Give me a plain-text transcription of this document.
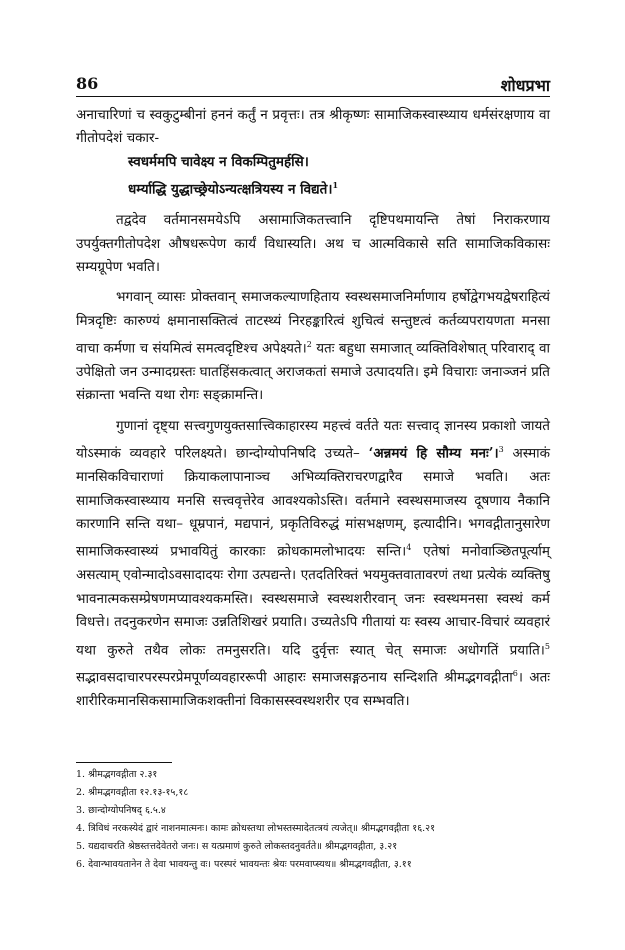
86	शोधप्रभा

अनाचारिणां च स्वकुटुम्बीनां हननं कर्तुं न प्रवृत्तः। तत्र श्रीकृष्णः सामाजिकस्वास्थ्याय धर्मसंरक्षणाय वा गीतोपदेशं चकार-

स्वधर्ममपि चावेक्ष्य न विकम्पितुमर्हसि।

धर्म्याद्धि युद्धाच्छ्रेयोऽन्यत्क्षत्रियस्य न विद्यते।$^1$

तद्वदेव वर्तमानसमयेऽपि असामाजिकतत्त्वानि दृष्टिपथमायन्ति तेषां निराकरणाय उपर्युक्तगीतोपदेश औषधरूपेण कार्यं विधास्यति। अथ च आत्मविकासे सति सामाजिकविकासः सम्यग्रूपेण भवति।

भगवान् व्यासः प्रोक्तवान् समाजकल्याणहिताय स्वस्थसमाजनिर्माणाय हर्षोद्वेगभयद्वेषराहित्यं मित्रदृष्टिः कारुण्यं क्षमानासक्तित्वं ताटस्थ्यं निरहङ्कारित्वं शुचित्वं सन्तुष्टत्वं कर्तव्यपरायणता मनसा वाचा कर्मणा च संयमित्वं समत्वदृष्टिश्च अपेक्ष्यते।$^2$ यतः बहुधा समाजात् व्यक्तिविशेषात् परिवाराद् वा उपेक्षितो जन उन्मादग्रस्तः घातहिंसकत्वात् अराजकतां समाजे उत्पादयति। इमे विचाराः जनाञ्जनं प्रति संक्रान्ता भवन्ति यथा रोगः सङ्क्रामन्ति।

गुणानां दृष्ट्या सत्त्वगुणयुक्तसात्त्विकाहारस्य महत्त्वं वर्तते यतः सत्त्वाद् ज्ञानस्य प्रकाशो जायते योऽस्माकं व्यवहारे परिलक्ष्यते। छान्दोग्योपनिषदि उच्यते– ‘अन्नमयं हि सौम्य मनः’।$^3$ अस्माकं मानसिकविचाराणां क्रियाकलापानाञ्च अभिव्यक्तिराचरणद्वारैव समाजे भवति। अतः सामाजिकस्वास्थ्याय मनसि सत्त्ववृत्तेरेव आवश्यकोऽस्ति। वर्तमाने स्वस्थसमाजस्य दूषणाय नैकानि कारणानि सन्ति यथा– धूम्रपानं, मद्यपानं, प्रकृतिविरुद्धं मांसभक्षणम्, इत्यादीनि। भगवद्गीतानुसारेण सामाजिकस्वास्थ्यं प्रभावयितुं कारकाः क्रोधकामलोभादयः सन्ति।$^4$ एतेषां मनोवाञ्छितपूर्त्याम् असत्याम् एवोन्मादोऽवसादादयः रोगा उत्पद्यन्ते। एतदतिरिक्तं भयमुक्तवातावरणं तथा प्रत्येकं व्यक्तिषु भावनात्मकसम्प्रेषणमप्यावश्यकमस्ति। स्वस्थसमाजे स्वस्थशरीरवान् जनः स्वस्थमनसा स्वस्थं कर्म विधत्ते। तदनुकरणेन समाजः उन्नतिशिखरं प्रयाति। उच्यतेऽपि गीतायां यः स्वस्य आचार-विचारं व्यवहारं यथा कुरुते तथैव लोकः तमनुसरति। यदि दुर्वृत्तः स्यात् चेत् समाजः अधोगतिं प्रयाति।$^5$ सद्भावसदाचारपरस्परप्रेमपूर्णव्यवहाररूपी आहारः समाजसङ्गठनाय सन्दिशति श्रीमद्भगवद्गीता$^6$। अतः शारीरिकमानसिकसामाजिकशक्तीनां विकासस्स्वस्थशरीर एव सम्भवति।

1. श्रीमद्भगवद्गीता २.३१
2. श्रीमद्भगवद्गीता १२.१३-१५,१८
3. छान्दोग्योपनिषद् ६.५.४
4. त्रिविधं नरकस्येदं द्वारं नाशनमात्मनः। कामः क्रोधस्तथा लोभस्तस्मादेतत्त्रयं त्यजेत्॥ श्रीमद्भगवद्गीता १६.२१
5. यद्यदाचरति श्रेष्ठस्तत्तदेवेतरो जनः। स यत्प्रमाणं कुरुते लोकस्तदनुवर्तते॥ श्रीमद्भगवद्गीता, ३.२१
6. देवान्भावयतानेन ते देवा भावयन्तु वः। परस्परं भावयन्तः श्रेयः परमवाप्स्यथ॥ श्रीमद्भगवद्गीता, ३.११
